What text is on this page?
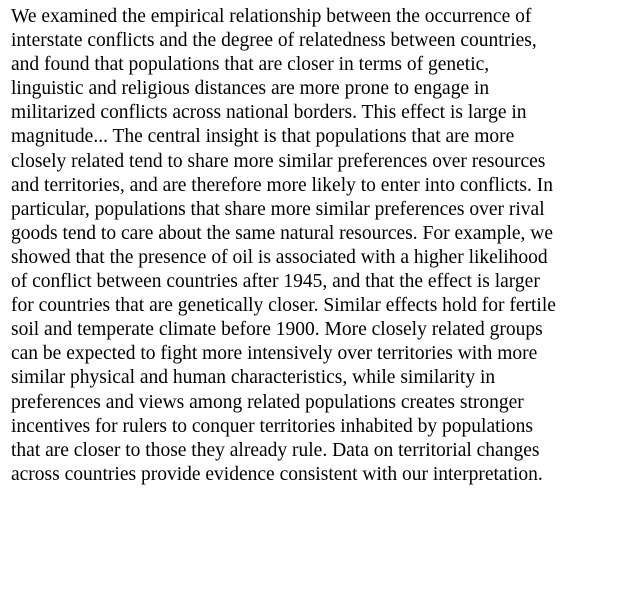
We examined the empirical relationship between the occurrence of
interstate conflicts and the degree of relatedness between countries,
and found that populations that are closer in terms of genetic,
linguistic and religious distances are more prone to engage in
militarized conflicts across national borders. This effect is large in
magnitude... The central insight is that populations that are more
closely related tend to share more similar preferences over resources
and territories, and are therefore more likely to enter into conflicts. In
particular, populations that share more similar preferences over rival
goods tend to care about the same natural resources. For example, we
showed that the presence of oil is associated with a higher likelihood
of conflict between countries after 1945, and that the effect is larger
for countries that are genetically closer. Similar effects hold for fertile
soil and temperate climate before 1900. More closely related groups
can be expected to fight more intensively over territories with more
similar physical and human characteristics, while similarity in
preferences and views among related populations creates stronger
incentives for rulers to conquer territories inhabited by populations
that are closer to those they already rule. Data on territorial changes
across countries provide evidence consistent with our interpretation.
